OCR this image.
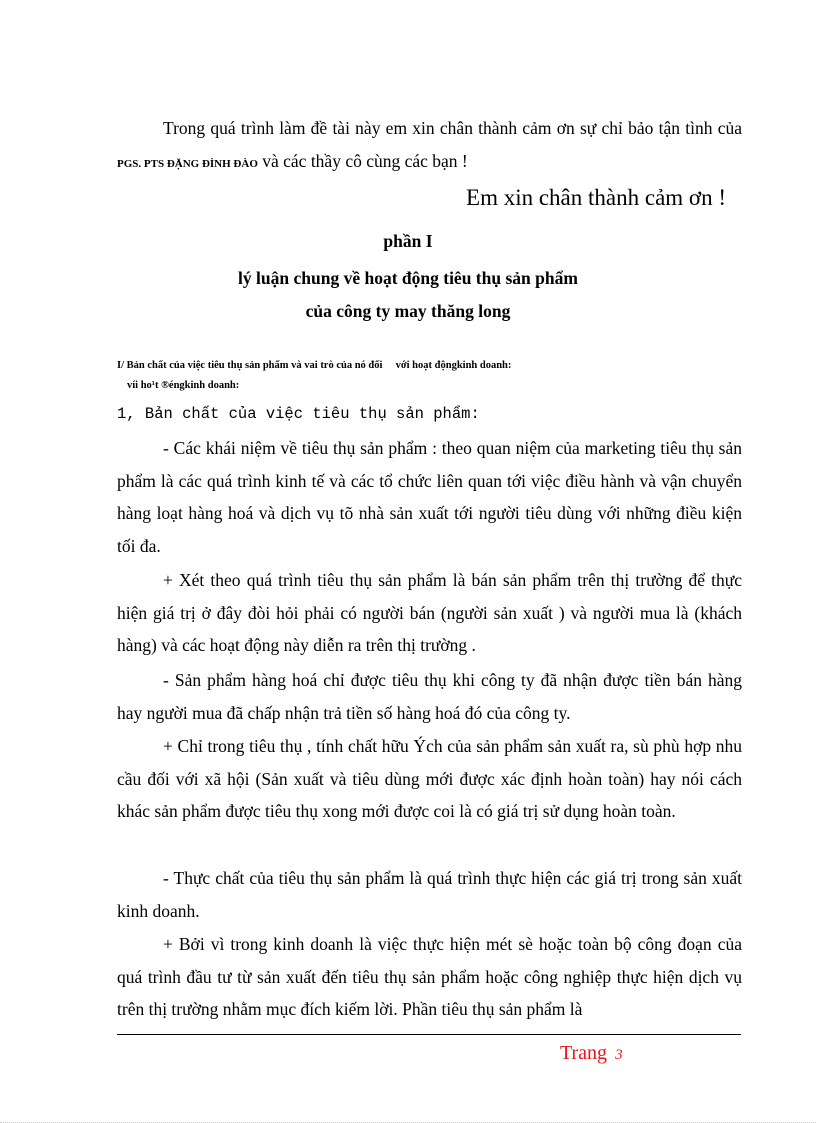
Trong quá trình làm đề tài này em xin chân thành cảm ơn sự chỉ bảo tận tình của PGS. PTS ĐẶNG ĐÌNH ĐÀO và các thầy cô cùng các bạn !

Em xin chân thành cảm ơn !

phần I

lý luận chung về hoạt động tiêu thụ sản phẩm

của công ty may thăng long

I/ Bản chất của việc tiêu thụ sản phẩm và vai trò của nó đối     với hoạt độngkinh doanh:
víi ho¹t ®éngkinh doanh:

1, Bản chất của việc tiêu thụ sản phẩm:

- Các khái niệm về tiêu thụ sản phẩm : theo quan niệm của marketing tiêu thụ sản phẩm là các quá trình kinh tế và các tổ chức liên quan tới việc điều hành và vận chuyển hàng loạt hàng hoá và dịch vụ tõ nhà sản xuất tới người tiêu dùng với những điều kiện tối đa.

+ Xét theo quá trình tiêu thụ sản phẩm là bán sản phẩm trên thị trường để thực hiện giá trị ở đây đòi hỏi phải có người bán (người sản xuất ) và người mua là (khách hàng) và các hoạt động này diễn ra trên thị trường .

- Sản phẩm hàng hoá chỉ được tiêu thụ khi công ty đã nhận được tiền bán hàng hay người mua đã chấp nhận trả tiền số hàng hoá đó của công ty.

+ Chỉ trong tiêu thụ , tính chất hữu Ých của sản phẩm sản xuất ra, sù phù hợp nhu cầu đối với xã hội (Sản xuất và tiêu dùng mới được xác định hoàn toàn) hay nói cách khác sản phẩm được tiêu thụ xong mới được coi là có giá trị sử dụng hoàn toàn.

- Thực chất của tiêu thụ sản phẩm là quá trình thực hiện các giá trị trong sản xuất kinh doanh.

+ Bởi vì trong kinh doanh là việc thực hiện mét sè hoặc toàn bộ công đoạn của quá trình đầu tư từ sản xuất đến tiêu thụ sản phẩm hoặc công nghiệp thực hiện dịch vụ trên thị trường nhằm mục đích kiếm lời. Phần tiêu thụ sản phẩm là

Trang 3
